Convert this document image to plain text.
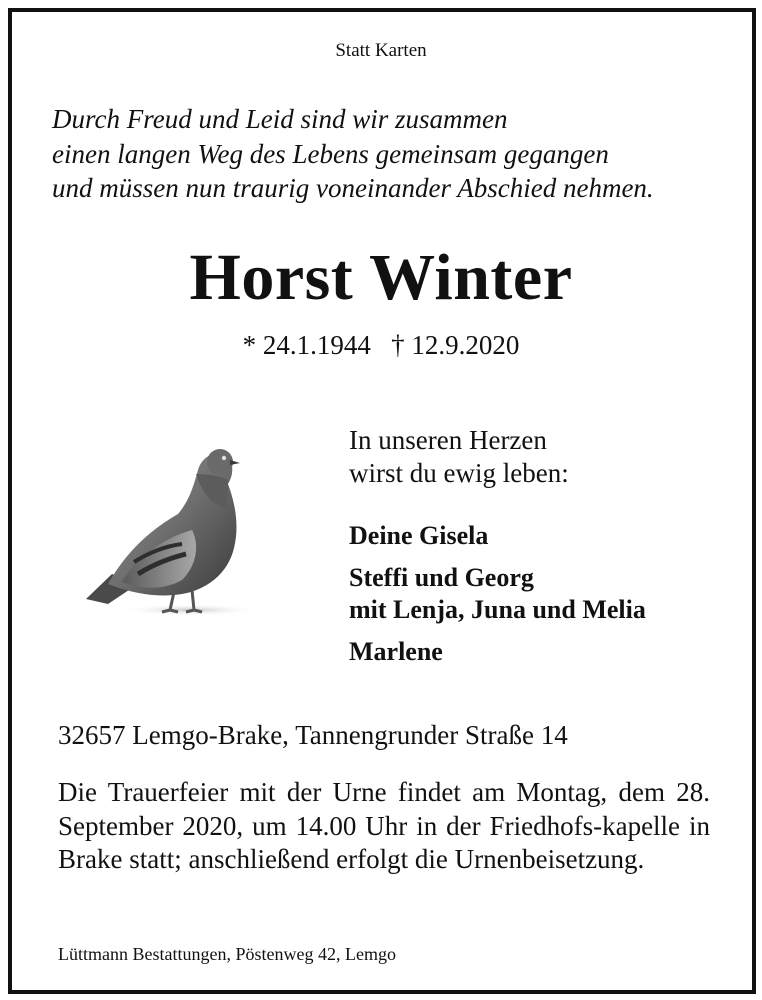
Statt Karten
Durch Freud und Leid sind wir zusammen
einen langen Weg des Lebens gemeinsam gegangen
und müssen nun traurig voneinander Abschied nehmen.
Horst Winter
* 24.1.1944   † 12.9.2020
In unseren Herzen
wirst du ewig leben:
Deine Gisela
Steffi und Georg
mit Lenja, Juna und Melia
Marlene
32657 Lemgo-Brake, Tannengrunder Straße 14
Die Trauerfeier mit der Urne findet am Montag, dem 28. September 2020, um 14.00 Uhr in der Friedhofs-kapelle in Brake statt; anschließend erfolgt die Urnenbeisetzung.
Lüttmann Bestattungen, Pöstenweg 42, Lemgo
